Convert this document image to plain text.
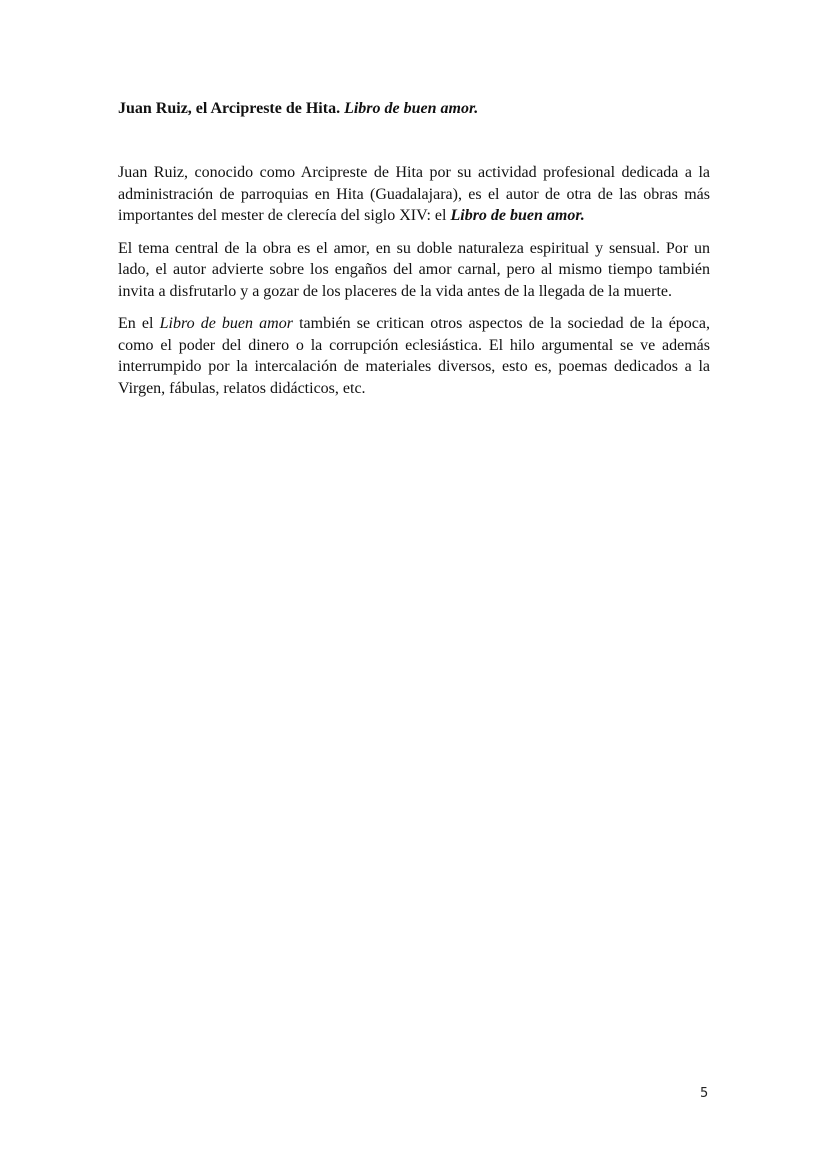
Juan Ruiz, el Arcipreste de Hita. Libro de buen amor.

Juan Ruiz, conocido como Arcipreste de Hita por su actividad profesional dedicada a la administración de parroquias en Hita (Guadalajara), es el autor de otra de las obras más importantes del mester de clerecía del siglo XIV: el Libro de buen amor.

El tema central de la obra es el amor, en su doble naturaleza espiritual y sensual. Por un lado, el autor advierte sobre los engaños del amor carnal, pero al mismo tiempo también invita a disfrutarlo y a gozar de los placeres de la vida antes de la llegada de la muerte.

En el Libro de buen amor también se critican otros aspectos de la sociedad de la época, como el poder del dinero o la corrupción eclesiástica. El hilo argumental se ve además interrumpido por la intercalación de materiales diversos, esto es, poemas dedicados a la Virgen, fábulas, relatos didácticos, etc.

5
